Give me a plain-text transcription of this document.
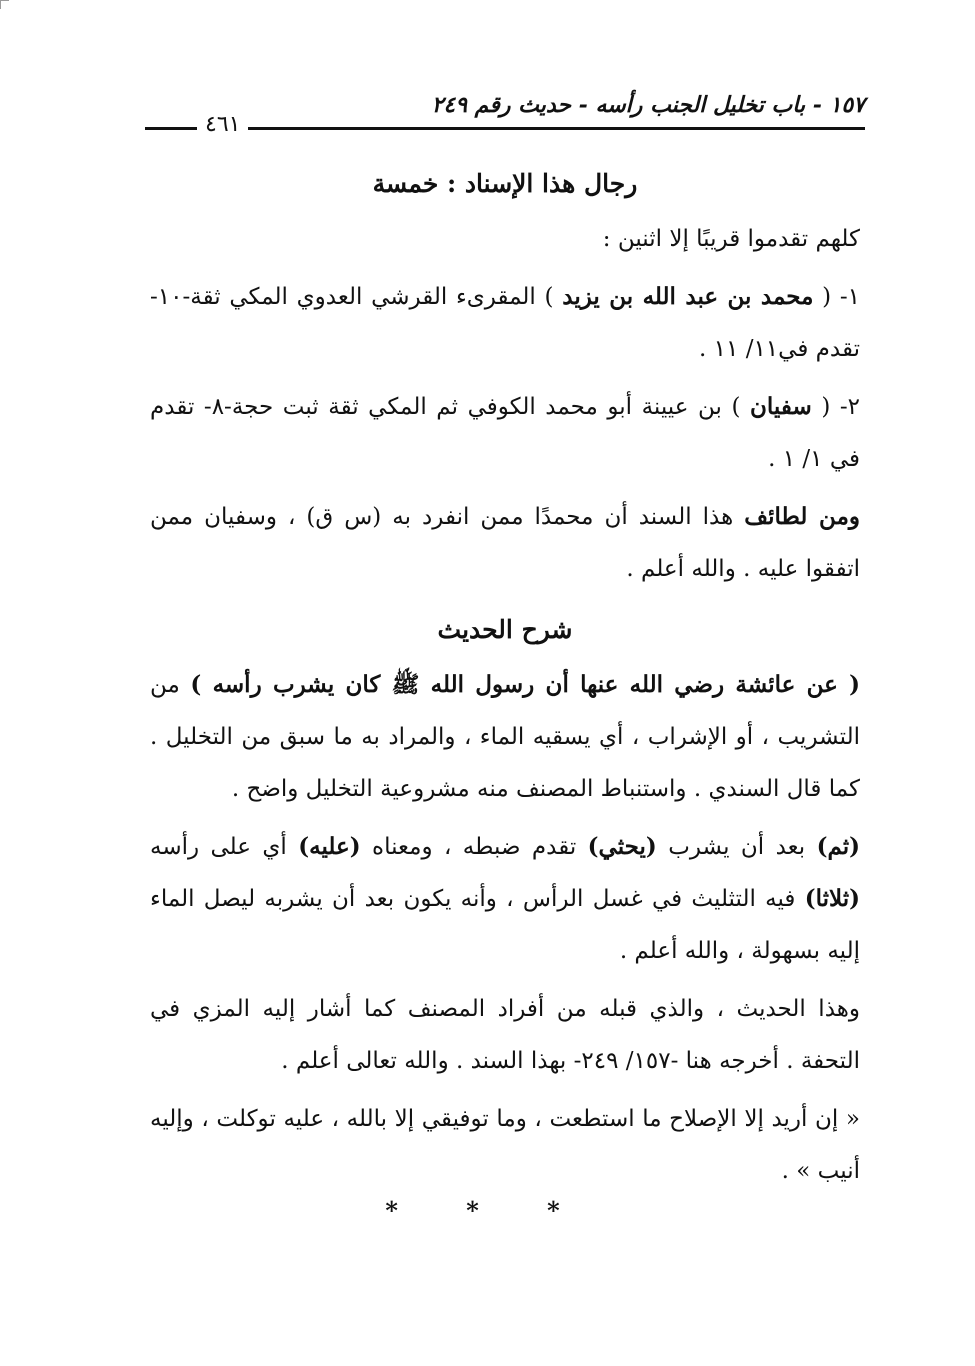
١٥٧ - باب تخليل الجنب رأسه - حديث رقم ٢٤٩
٤٦١
رجال هذا الإسناد : خمسة

كلهم تقدموا قريبًا إلا اثنين :

١- ( محمد بن عبد الله بن يزيد ) المقرىء القرشي العدوي المكي ثقة-١٠- تقدم في١١/ ١١ .

٢- ( سفيان ) بن عيينة أبو محمد الكوفي ثم المكي ثقة ثبت حجة-٨- تقدم في ١/ ١ .

ومن لطائف هذا السند أن محمدًا ممن انفرد به (س ق) ، وسفيان ممن اتفقوا عليه . والله أعلم .

شرح الحديث

( عن عائشة رضي الله عنها أن رسول الله ﷺ كان يشرب رأسه ) من التشريب ، أو الإشراب ، أي يسقيه الماء ، والمراد به ما سبق من التخليل . كما قال السندي . واستنباط المصنف منه مشروعية التخليل واضح .

(ثم) بعد أن يشرب (يحثي) تقدم ضبطه ، ومعناه (عليه) أي على رأسه (ثلاثا) فيه التثليث في غسل الرأس ، وأنه يكون بعد أن يشربه ليصل الماء إليه بسهولة ، والله أعلم .

وهذا الحديث ، والذي قبله من أفراد المصنف كما أشار إليه المزي في التحفة . أخرجه هنا -١٥٧/ ٢٤٩- بهذا السند . والله تعالى أعلم .

« إن أريد إلا الإصلاح ما استطعت ، وما توفيقي إلا بالله ، عليه توكلت ، وإليه أنيب » .

* * *
